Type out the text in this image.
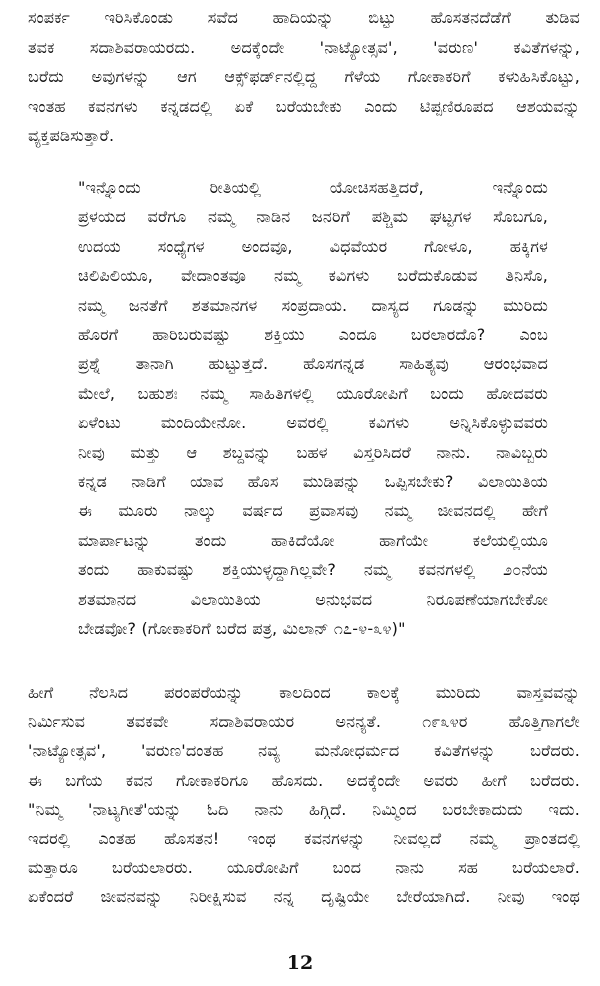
ಸಂಪರ್ಕ ಇರಿಸಿಕೊಂಡು ಸವೆದ ಹಾದಿಯನ್ನು ಬಿಟ್ಟು ಹೊಸತನದೆಡೆಗೆ ತುಡಿವ
ತವಕ ಸದಾಶಿವರಾಯರದು. ಅದಕ್ಕೆಂದೇ 'ನಾಟ್ಯೋತ್ಸವ', 'ವರುಣ' ಕವಿತೆಗಳನ್ನು,
ಬರೆದು ಅವುಗಳನ್ನು ಆಗ ಆಕ್ಸ್‌ಫರ್ಡ್‌ನಲ್ಲಿದ್ದ ಗೆಳೆಯ ಗೋಕಾಕರಿಗೆ ಕಳುಹಿಸಿಕೊಟ್ಟು,
ಇಂತಹ ಕವನಗಳು ಕನ್ನಡದಲ್ಲಿ ಏಕೆ ಬರೆಯಬೇಕು ಎಂದು ಟಿಪ್ಪಣಿರೂಪದ ಆಶಯವನ್ನು
ವ್ಯಕ್ತಪಡಿಸುತ್ತಾರೆ.
"ಇನ್ನೊಂದು ರೀತಿಯಲ್ಲಿ ಯೋಚಿಸಹತ್ತಿದರೆ, ಇನ್ನೊಂದು
ಪ್ರಳಯದ ವರೆಗೂ ನಮ್ಮ ನಾಡಿನ ಜನರಿಗೆ ಪಶ್ಚಿಮ ಘಟ್ಟಗಳ ಸೊಬಗೂ,
ಉದಯ ಸಂಧ್ಯೆಗಳ ಅಂದವೂ, ವಿಧವೆಯರ ಗೋಳೂ, ಹಕ್ಕಿಗಳ
ಚಿಲಿಪಿಲಿಯೂ, ವೇದಾಂತವೂ ನಮ್ಮ ಕವಿಗಳು ಬರೆದುಕೊಡುವ ತಿನಿಸೊ,
ನಮ್ಮ ಜನತೆಗೆ ಶತಮಾನಗಳ ಸಂಪ್ರದಾಯ. ದಾಸ್ಯದ ಗೂಡನ್ನು ಮುರಿದು
ಹೊರಗೆ ಹಾರಿಬರುವಷ್ಟು ಶಕ್ತಿಯು ಎಂದೂ ಬರಲಾರದೊ? ಎಂಬ
ಪ್ರಶ್ನೆ ತಾನಾಗಿ ಹುಟ್ಟುತ್ತದೆ. ಹೊಸಗನ್ನಡ ಸಾಹಿತ್ಯವು ಆರಂಭವಾದ
ಮೇಲೆ, ಬಹುಶಃ ನಮ್ಮ ಸಾಹಿತಿಗಳಲ್ಲಿ ಯೂರೋಪಿಗೆ ಬಂದು ಹೋದವರು
ಏಳೆಂಟು ಮಂದಿಯೇನೋ. ಅವರಲ್ಲಿ ಕವಿಗಳು ಅನ್ನಿಸಿಕೊಳ್ಳುವವರು
ನೀವು ಮತ್ತು ಆ ಶಬ್ದವನ್ನು ಬಹಳ ವಿಸ್ತರಿಸಿದರೆ ನಾನು. ನಾವಿಬ್ಬರು
ಕನ್ನಡ ನಾಡಿಗೆ ಯಾವ ಹೊಸ ಮುಡಿಪನ್ನು ಒಪ್ಪಿಸಬೇಕು? ವಿಲಾಯಿತಿಯ
ಈ ಮೂರು ನಾಲ್ಕು ವರ್ಷದ ಪ್ರವಾಸವು ನಮ್ಮ ಜೀವನದಲ್ಲಿ ಹೇಗೆ
ಮಾರ್ಪಾಟನ್ನು ತಂದು ಹಾಕಿದೆಯೋ ಹಾಗೆಯೇ ಕಲೆಯಲ್ಲಿಯೂ
ತಂದು ಹಾಕುವಷ್ಟು ಶಕ್ತಿಯುಳ್ಳದ್ದಾಗಿಲ್ಲವೇ? ನಮ್ಮ ಕವನಗಳಲ್ಲಿ ೨೦ನೆಯ
ಶತಮಾನದ ವಿಲಾಯಿತಿಯ ಅನುಭವದ ನಿರೂಪಣೆಯಾಗಬೇಕೋ
ಬೇಡವೋ? (ಗೋಕಾಕರಿಗೆ ಬರೆದ ಪತ್ರ, ಮಿಲಾನ್ ೧೭-೪-೩೪)"
ಹೀಗೆ ನೆಲಸಿದ ಪರಂಪರೆಯನ್ನು ಕಾಲದಿಂದ ಕಾಲಕ್ಕೆ ಮುರಿದು ವಾಸ್ತವವನ್ನು
ನಿರ್ಮಿಸುವ ತವಕವೇ ಸದಾಶಿವರಾಯರ ಅನನ್ಯತೆ. ೧೯೩೪ರ ಹೊತ್ತಿಗಾಗಲೇ
'ನಾಟ್ಯೋತ್ಸವ', 'ವರುಣ'ದಂತಹ ನವ್ಯ ಮನೋಧರ್ಮದ ಕವಿತೆಗಳನ್ನು ಬರೆದರು.
ಈ ಬಗೆಯ ಕವನ ಗೋಕಾಕರಿಗೂ ಹೊಸದು. ಅದಕ್ಕೆಂದೇ ಅವರು ಹೀಗೆ ಬರೆದರು.
"ನಿಮ್ಮ 'ನಾಟ್ಯಗೀತೆ'ಯನ್ನು ಓದಿ ನಾನು ಹಿಗ್ಗಿದೆ. ನಿಮ್ಮಿಂದ ಬರಬೇಕಾದುದು ಇದು.
ಇದರಲ್ಲಿ ಎಂತಹ ಹೊಸತನ! ಇಂಥ ಕವನಗಳನ್ನು ನೀವಲ್ಲದೆ ನಮ್ಮ ಪ್ರಾಂತದಲ್ಲಿ
ಮತ್ತಾರೂ ಬರೆಯಲಾರರು. ಯೂರೋಪಿಗೆ ಬಂದ ನಾನು ಸಹ ಬರೆಯಲಾರೆ.
ಏಕೆಂದರೆ ಜೀವನವನ್ನು ನಿರೀಕ್ಷಿಸುವ ನನ್ನ ದೃಷ್ಟಿಯೇ ಬೇರೆಯಾಗಿದೆ. ನೀವು ಇಂಥ
12
